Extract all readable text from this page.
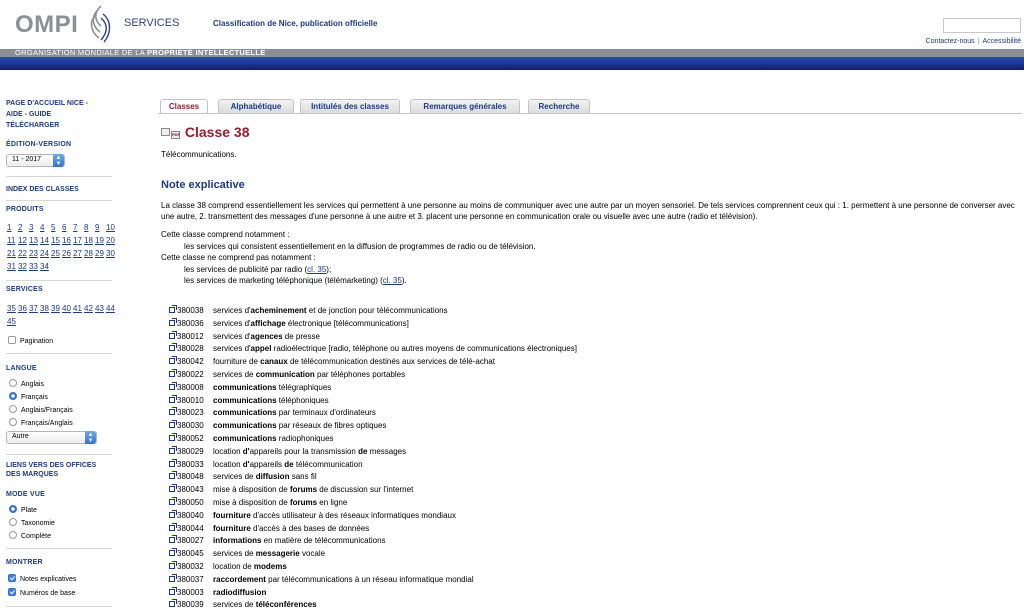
OMPI	SERVICES	Classification de Nice, publication officielle
Contactez-nous | Accessibilité
ORGANISATION MONDIALE DE LA PROPRIÉTÉ INTELLECTUELLE
PAGE D'ACCUEIL NICE -
AIDE - GUIDE
TÉLÉCHARGER
ÉDITION-VERSION
11 - 2017	▲
▼
INDEX DES CLASSES
PRODUITS
1 2 3 4 5 6 7 8 9 10
11 12 13 14 15 16 17 18 19 20
21 22 23 24 25 26 27 28 29 30
31 32 33 34
SERVICES
35 36 37 38 39 40 41 42 43 44
45
Pagination
LANGUE
Anglais
Français
Anglais/Français
Français/Anglais
Autre	▲
▼
LIENS VERS DES OFFICES
DES MARQUES
MODE VUE
Plate
Taxonomie
Complète
MONTRER
Notes explicatives
Numéros de base
Classes	Alphabétique	Intitulés des classes	Remarques générales	Recherche
PDF Classe 38
Télécommunications.
Note explicative
La classe 38 comprend essentiellement les services qui permettent à une personne au moins de communiquer avec une autre par un moyen sensoriel. De tels services comprennent ceux qui : 1. permettent à une personne de converser avec une autre, 2. transmettent des messages d'une personne à une autre et 3. placent une personne en communication orale ou visuelle avec une autre (radio et télévision).
Cette classe comprend notamment :
les services qui consistent essentiellement en la diffusion de programmes de radio ou de télévision.
Cette classe ne comprend pas notamment :
les services de publicité par radio (cl. 35);
les services de marketing téléphonique (télémarketing) (cl. 35).
380038 services d'acheminement et de jonction pour télécommunications
380036 services d'affichage électronique [télécommunications]
380012 services d'agences de presse
380028 services d'appel radioélectrique [radio, téléphone ou autres moyens de communications électroniques]
380042 fourniture de canaux de télécommunication destinés aux services de télé-achat
380022 services de communication par téléphones portables
380008 communications télégraphiques
380010 communications téléphoniques
380023 communications par terminaux d'ordinateurs
380030 communications par réseaux de fibres optiques
380052 communications radiophoniques
380029 location d'appareils pour la transmission de messages
380033 location d'appareils de télécommunication
380048 services de diffusion sans fil
380043 mise à disposition de forums de discussion sur l'internet
380050 mise à disposition de forums en ligne
380040 fourniture d'accès utilisateur à des réseaux informatiques mondiaux
380044 fourniture d'accès à des bases de données
380027 informations en matière de télécommunications
380045 services de messagerie vocale
380032 location de modems
380037 raccordement par télécommunications à un réseau informatique mondial
380003 radiodiffusion
380039 services de téléconférences
